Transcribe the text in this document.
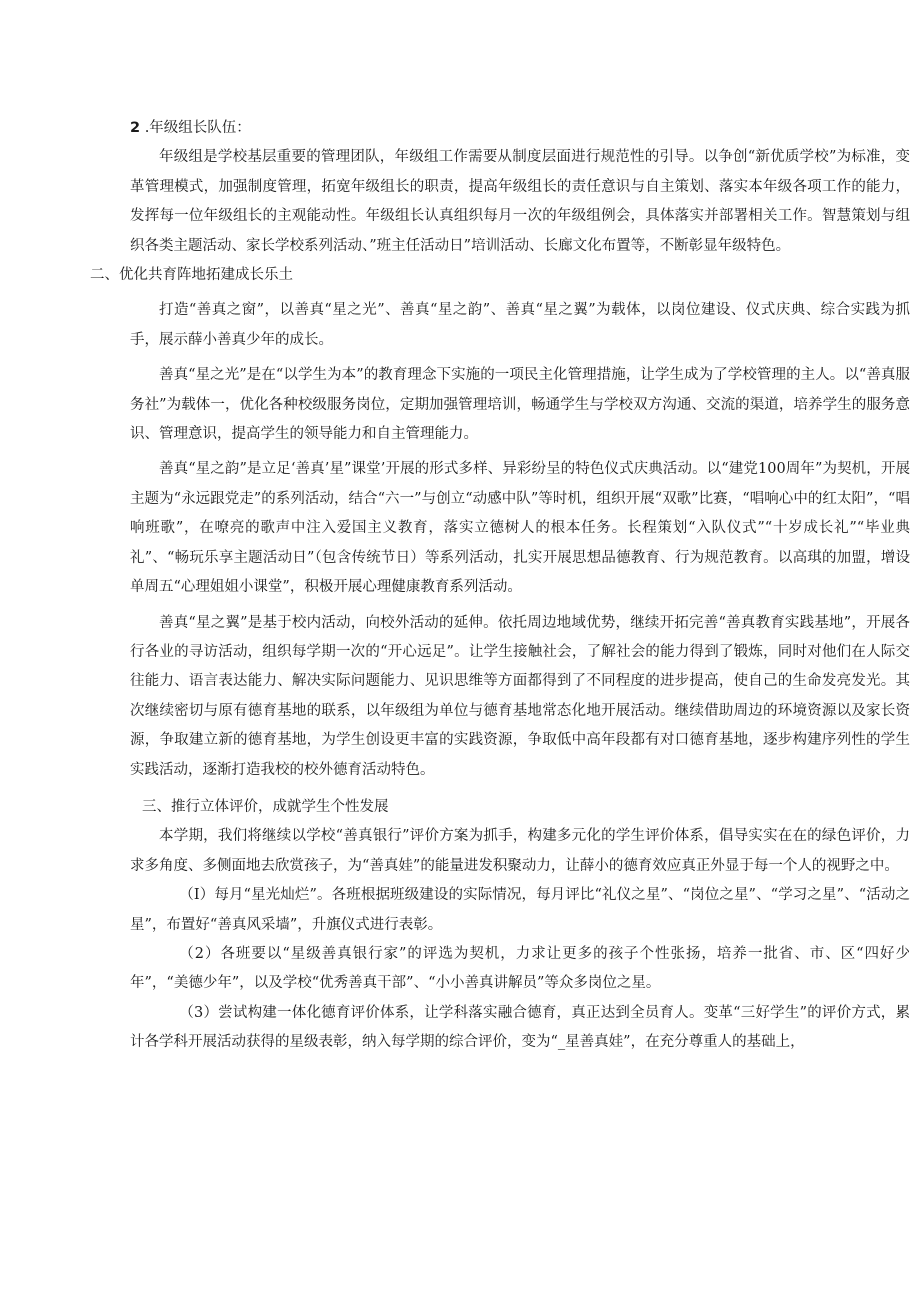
2 .年级组长队伍：

年级组是学校基层重要的管理团队，年级组工作需要从制度层面进行规范性的引导。以争创“新优质学校”为标准，变革管理模式，加强制度管理，拓宽年级组长的职责，提高年级组长的责任意识与自主策划、落实本年级各项工作的能力，发挥每一位年级组长的主观能动性。年级组长认真组织每月一次的年级组例会，具体落实并部署相关工作。智慧策划与组织各类主题活动、家长学校系列活动、”班主任活动日”培训活动、长廊文化布置等，不断彰显年级特色。

二、优化共育阵地拓建成长乐土

打造“善真之窗”，以善真“星之光”、善真“星之韵”、善真“星之翼”为载体，以岗位建设、仪式庆典、综合实践为抓手，展示薛小善真少年的成长。

善真“星之光”是在“以学生为本”的教育理念下实施的一项民主化管理措施，让学生成为了学校管理的主人。以“善真服务社”为载体一，优化各种校级服务岗位，定期加强管理培训，畅通学生与学校双方沟通、交流的渠道，培养学生的服务意识、管理意识，提高学生的领导能力和自主管理能力。

善真“星之韵”是立足‘善真’星”课堂’开展的形式多样、异彩纷呈的特色仪式庆典活动。以“建党100周年”为契机，开展主题为“永远跟党走”的系列活动，结合“六一”与创立“动感中队”等时机，组织开展“双歌”比赛，“唱响心中的红太阳”，“唱响班歌”，在嘹亮的歌声中注入爱国主义教育，落实立德树人的根本任务。长程策划“入队仪式”“十岁成长礼”“毕业典礼”、“畅玩乐享主题活动日”（包含传统节日）等系列活动，扎实开展思想品德教育、行为规范教育。以高琪的加盟，增设单周五“心理姐姐小课堂”，积极开展心理健康教育系列活动。

善真“星之翼”是基于校内活动，向校外活动的延伸。依托周边地域优势，继续开拓完善“善真教育实践基地”，开展各行各业的寻访活动，组织每学期一次的“开心远足”。让学生接触社会，了解社会的能力得到了锻炼，同时对他们在人际交往能力、语言表达能力、解决实际问题能力、见识思维等方面都得到了不同程度的进步提高，使自己的生命发亮发光。其次继续密切与原有德育基地的联系，以年级组为单位与德育基地常态化地开展活动。继续借助周边的环境资源以及家长资源，争取建立新的德育基地，为学生创设更丰富的实践资源，争取低中高年段都有对口德育基地，逐步构建序列性的学生实践活动，逐渐打造我校的校外德育活动特色。

三、推行立体评价，成就学生个性发展

本学期，我们将继续以学校“善真银行”评价方案为抓手，构建多元化的学生评价体系，倡导实实在在的绿色评价，力求多角度、多侧面地去欣赏孩子，为“善真娃”的能量进发积聚动力，让薛小的德育效应真正外显于每一个人的视野之中。

（I）每月“星光灿烂”。各班根据班级建设的实际情况，每月评比“礼仪之星”、“岗位之星”、“学习之星”、“活动之星”，布置好“善真风采墙”，升旗仪式进行表彰。

（2）各班要以“星级善真银行家”的评选为契机，力求让更多的孩子个性张扬，培养一批省、市、区“四好少年”，“美德少年”，以及学校“优秀善真干部”、“小小善真讲解员”等众多岗位之星。

（3）尝试构建一体化德育评价体系，让学科落实融合德育，真正达到全员育人。变革“三好学生”的评价方式，累计各学科开展活动获得的星级表彰，纳入每学期的综合评价，变为“_星善真娃”，在充分尊重人的基础上，
